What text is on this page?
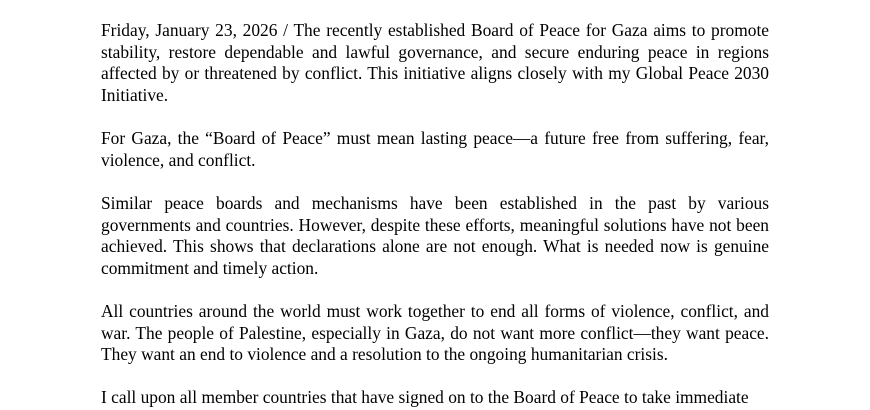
Friday, January 23, 2026 / The recently established Board of Peace for Gaza aims to promote stability, restore dependable and lawful governance, and secure enduring peace in regions affected by or threatened by conflict. This initiative aligns closely with my Global Peace 2030 Initiative.

For Gaza, the “Board of Peace” must mean lasting peace—a future free from suffering, fear, violence, and conflict.

Similar peace boards and mechanisms have been established in the past by various governments and countries. However, despite these efforts, meaningful solutions have not been achieved. This shows that declarations alone are not enough. What is needed now is genuine commitment and timely action.

All countries around the world must work together to end all forms of violence, conflict, and war. The people of Palestine, especially in Gaza, do not want more conflict—they want peace. They want an end to violence and a resolution to the ongoing humanitarian crisis.

I call upon all member countries that have signed on to the Board of Peace to take immediate
